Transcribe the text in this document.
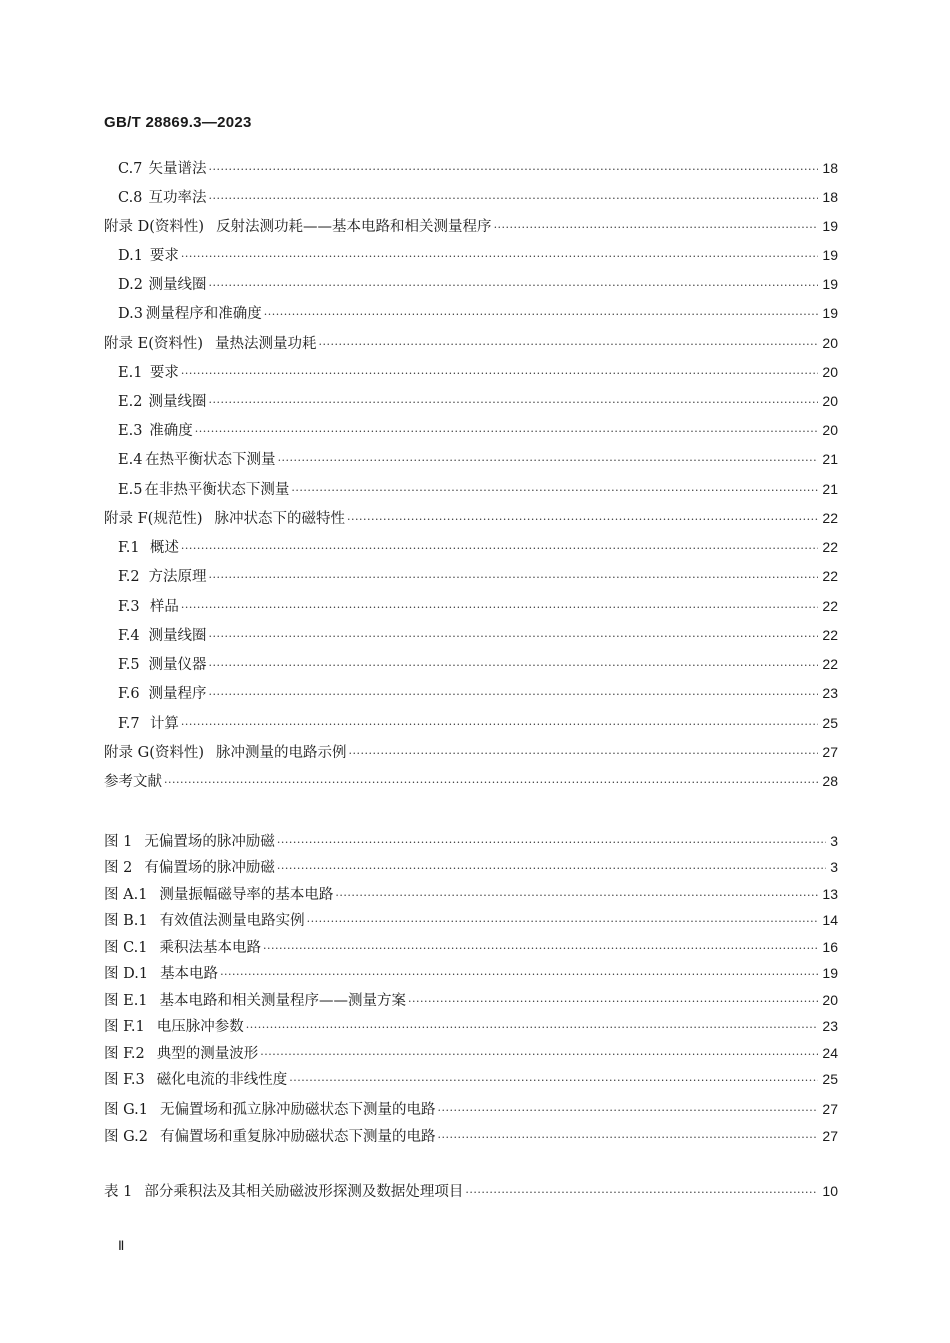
GB/T 28869.3—2023
C.7 矢量谱法 ·····	18
C.8 互功率法 ·····	18
附录 D(资料性) 反射法测功耗——基本电路和相关测量程序 ·····	19
D.1 要求 ·····	19
D.2 测量线圈 ·····	19
D.3 测量程序和准确度 ·····	19
附录 E(资料性) 量热法测量功耗 ·····	20
E.1 要求 ·····	20
E.2 测量线圈 ·····	20
E.3 准确度 ·····	20
E.4 在热平衡状态下测量 ·····	21
E.5 在非热平衡状态下测量 ·····	21
附录 F(规范性) 脉冲状态下的磁特性 ·····	22
F.1 概述 ·····	22
F.2 方法原理 ·····	22
F.3 样品 ·····	22
F.4 测量线圈 ·····	22
F.5 测量仪器 ·····	22
F.6 测量程序 ·····	23
F.7 计算 ·····	25
附录 G(资料性) 脉冲测量的电路示例 ·····	27
参考文献 ·····	28
图 1 无偏置场的脉冲励磁 ·····	3
图 2 有偏置场的脉冲励磁 ·····	3
图 A.1 测量振幅磁导率的基本电路 ·····	13
图 B.1 有效值法测量电路实例 ·····	14
图 C.1 乘积法基本电路 ·····	16
图 D.1 基本电路 ·····	19
图 E.1 基本电路和相关测量程序——测量方案 ·····	20
图 F.1 电压脉冲参数 ·····	23
图 F.2 典型的测量波形 ·····	24
图 F.3 磁化电流的非线性度 ·····	25
图 G.1 无偏置场和孤立脉冲励磁状态下测量的电路 ·····	27
图 G.2 有偏置场和重复脉冲励磁状态下测量的电路 ·····	27
表 1 部分乘积法及其相关励磁波形探测及数据处理项目 ·····	10
Ⅱ
